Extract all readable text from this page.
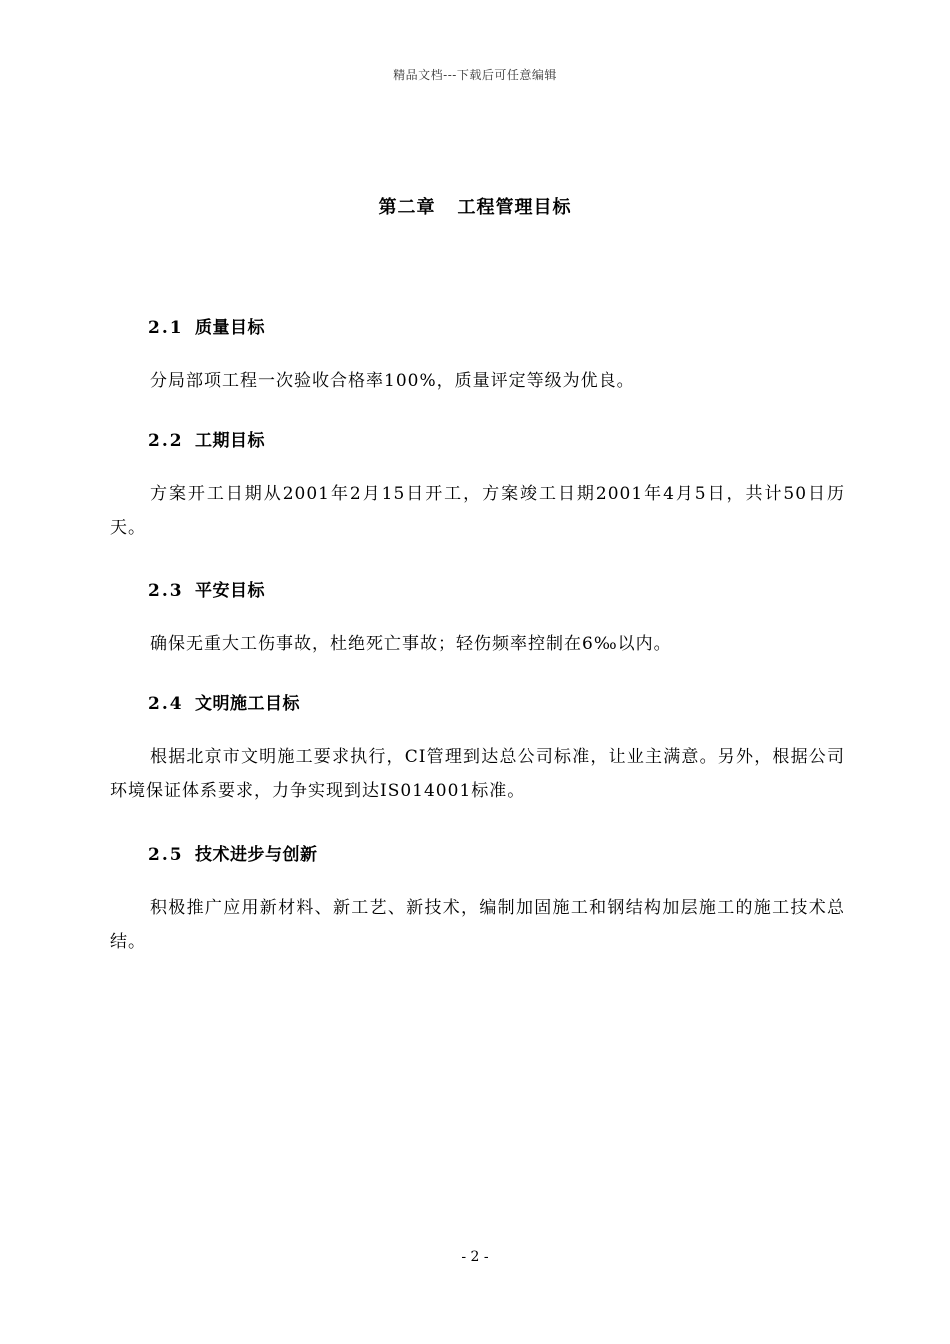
精品文档---下载后可任意编辑
第二章 工程管理目标
2.1 质量目标
分局部项工程一次验收合格率100%，质量评定等级为优良。
2.2 工期目标
方案开工日期从2001年2月15日开工，方案竣工日期2001年4月5日，共计50日历天。
2.3 平安目标
确保无重大工伤事故，杜绝死亡事故；轻伤频率控制在6‰以内。
2.4 文明施工目标
根据北京市文明施工要求执行，CI管理到达总公司标准，让业主满意。另外，根据公司环境保证体系要求，力争实现到达IS014001标准。
2.5 技术进步与创新
积极推广应用新材料、新工艺、新技术，编制加固施工和钢结构加层施工的施工技术总结。
- 2 -
